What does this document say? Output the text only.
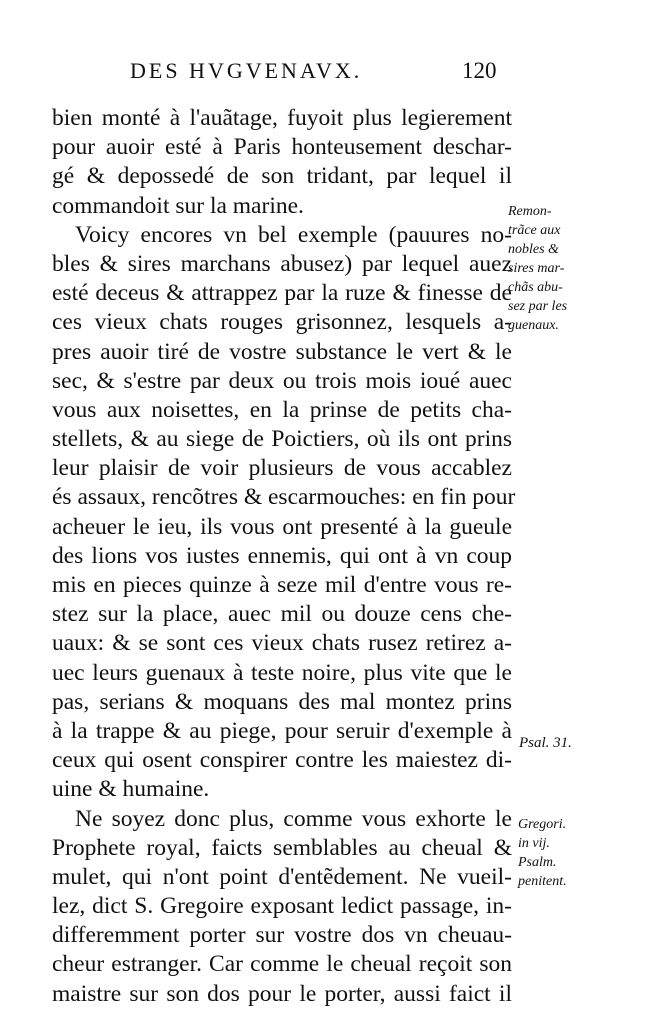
DES HVGVENAVX.	120
bien monté à l'auãtage, fuyoit plus legierement
pour auoir esté à Paris honteusement deschar-
gé & depossedé de son tridant, par lequel il
commandoit sur la marine.
Voicy encores vn bel exemple (pauures no-
bles & sires marchans abusez) par lequel auez
esté deceus & attrappez par la ruze & finesse de
ces vieux chats rouges grisonnez, lesquels a-
pres auoir tiré de vostre substance le vert & le
sec, & s'estre par deux ou trois mois ioué auec
vous aux noisettes, en la prinse de petits cha-
stellets, & au siege de Poictiers, où ils ont prins
leur plaisir de voir plusieurs de vous accablez
és assaux, rencõtres & escarmouches: en fin pour
acheuer le ieu, ils vous ont presenté à la gueule
des lions vos iustes ennemis, qui ont à vn coup
mis en pieces quinze à seze mil d'entre vous re-
stez sur la place, auec mil ou douze cens che-
uaux: & se sont ces vieux chats rusez retirez a-
uec leurs guenaux à teste noire, plus vite que le
pas, serians & moquans des mal montez prins
à la trappe & au piege, pour seruir d'exemple à
ceux qui osent conspirer contre les maiestez di-
uine & humaine.
Ne soyez donc plus, comme vous exhorte le
Prophete royal, faicts semblables au cheual &
mulet, qui n'ont point d'entẽdement. Ne vueil-
lez, dict S. Gregoire exposant ledict passage, in-
differemment porter sur vostre dos vn cheuau-
cheur estranger. Car comme le cheual reçoit son
maistre sur son dos pour le porter, aussi faict il
Remon-
trãce aux
nobles &
sires mar-
chãs abu-
sez par les
guenaux.
Psal. 31.
Gregori.
in vij.
Psalm.
penitent.
